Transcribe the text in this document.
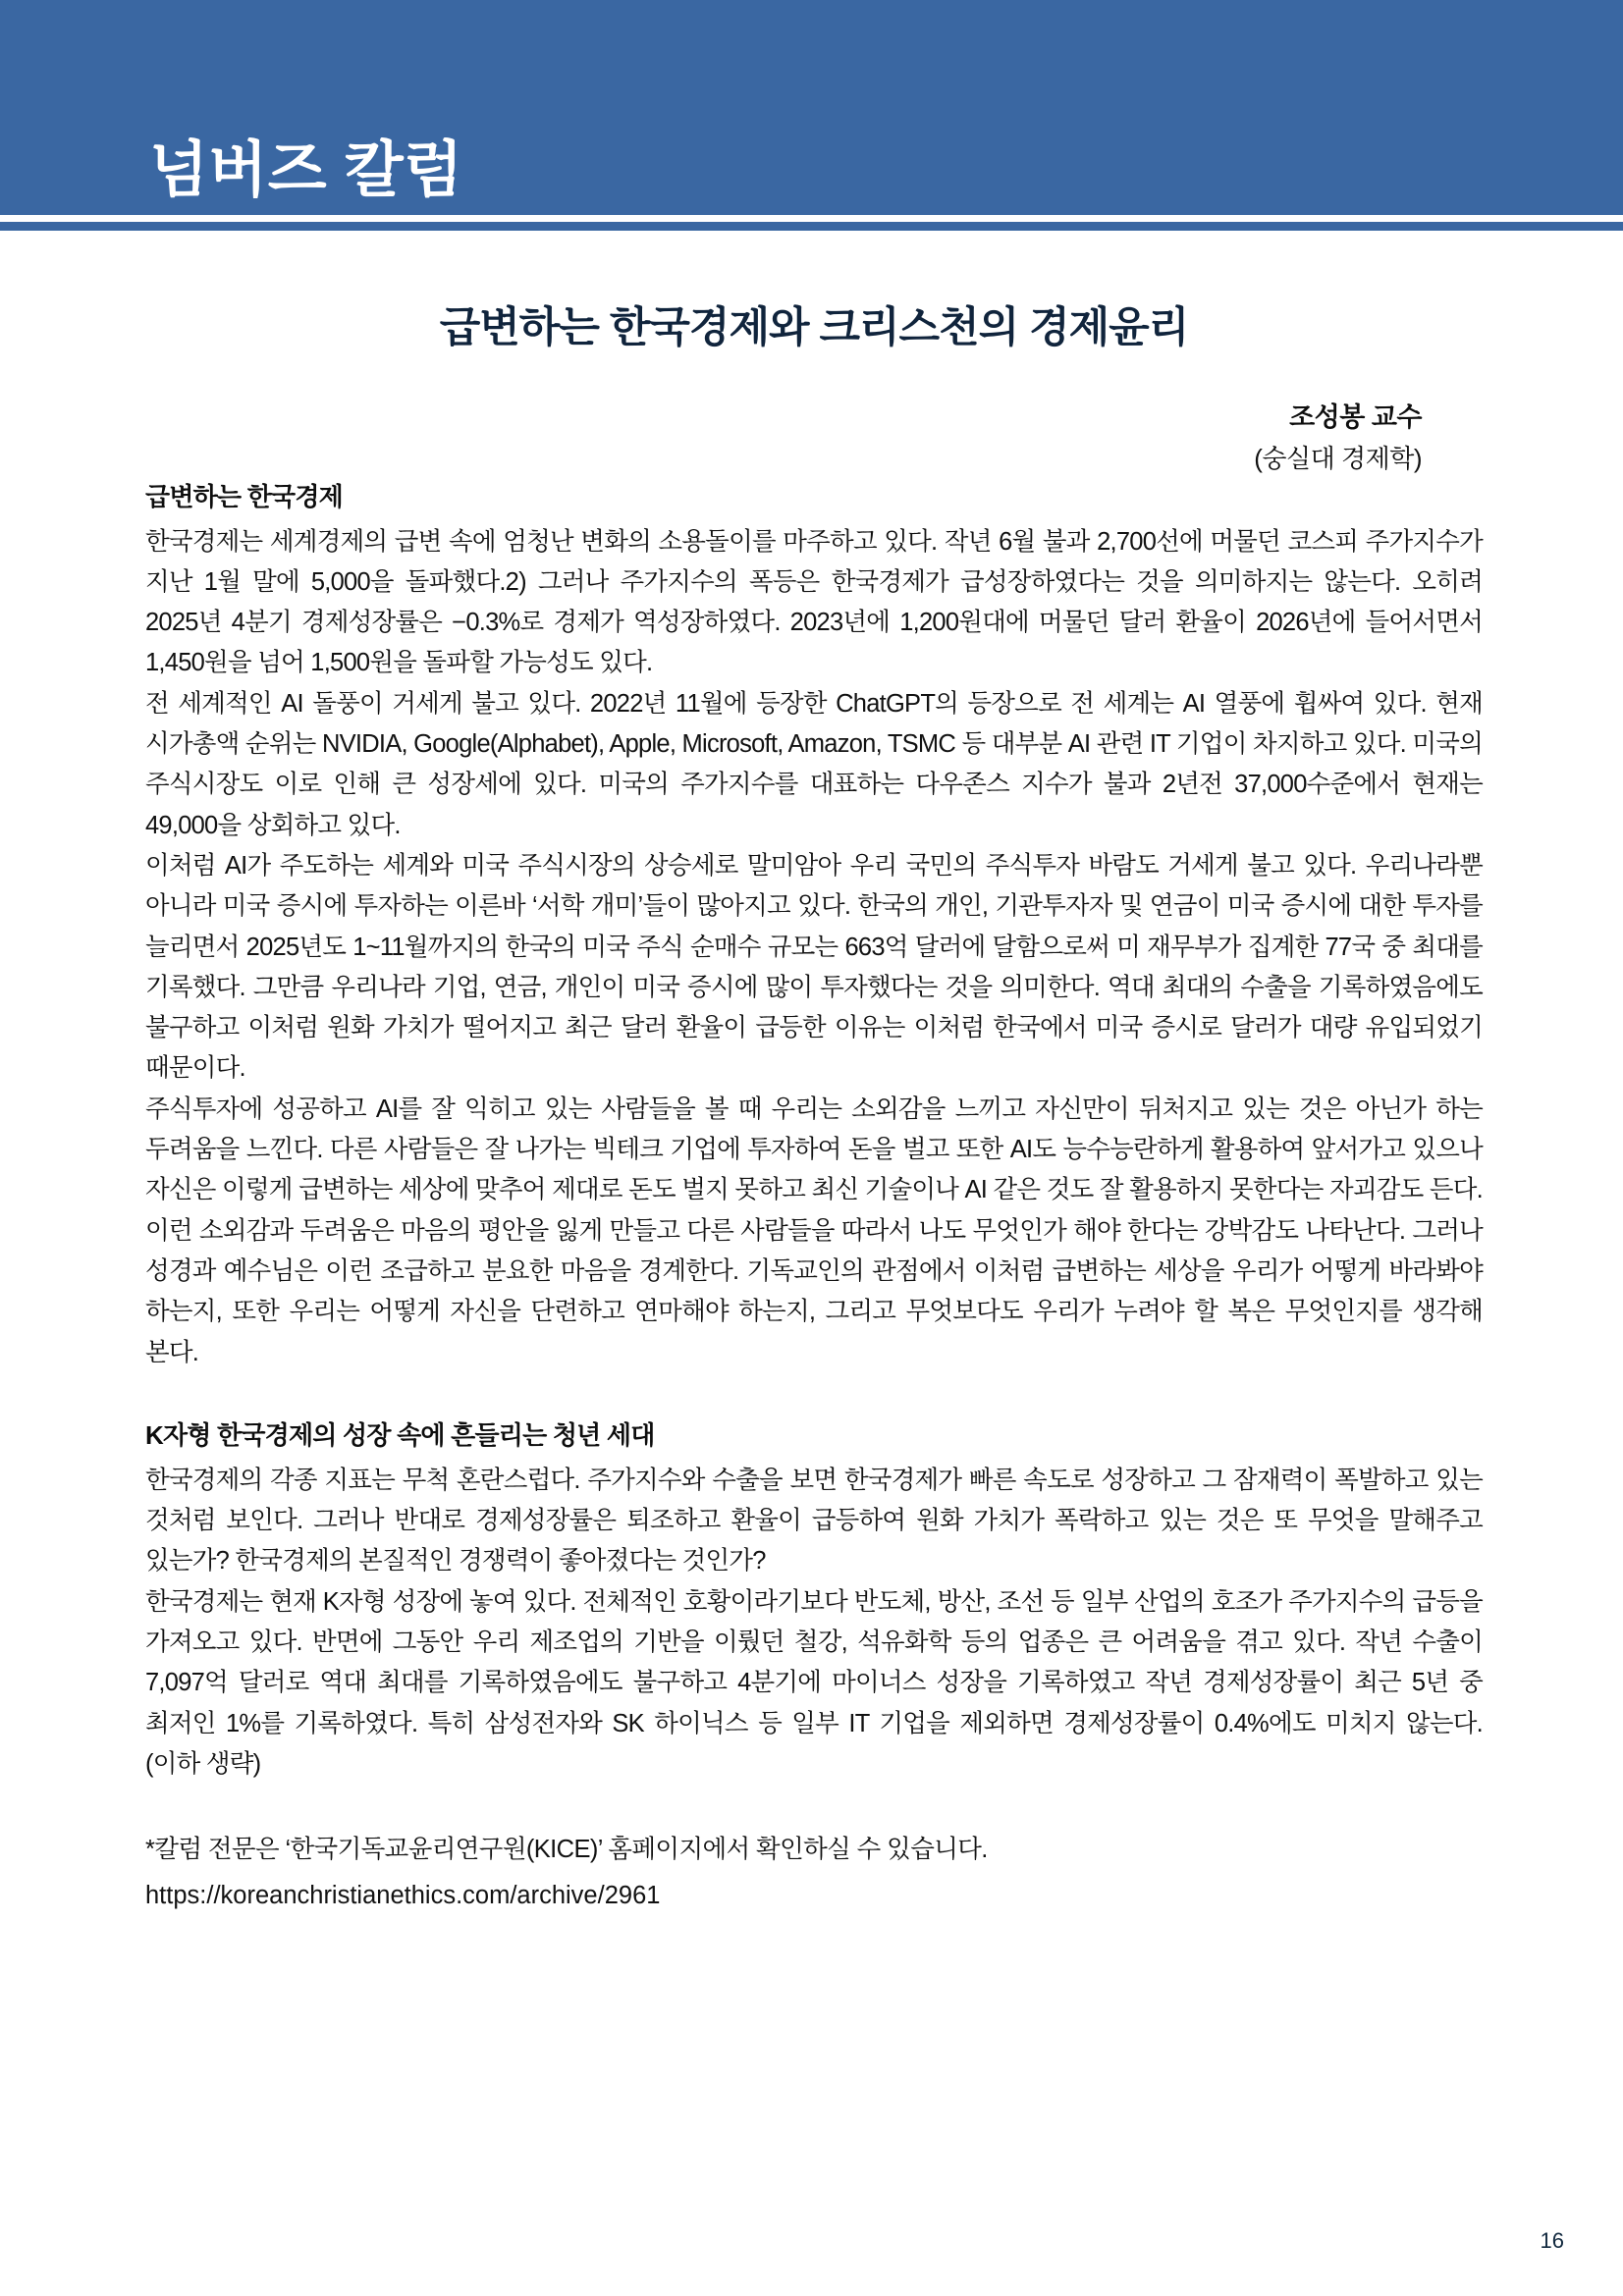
넘버즈 칼럼
급변하는 한국경제와 크리스천의 경제윤리
조성봉 교수
(숭실대 경제학)
급변하는 한국경제

한국경제는 세계경제의 급변 속에 엄청난 변화의 소용돌이를 마주하고 있다. 작년 6월 불과 2,700선에 머물던 코스피 주가지수가 지난 1월 말에 5,000을 돌파했다.2) 그러나 주가지수의 폭등은 한국경제가 급성장하였다는 것을 의미하지는 않는다. 오히려 2025년 4분기 경제성장률은 −0.3%로 경제가 역성장하였다. 2023년에 1,200원대에 머물던 달러 환율이 2026년에 들어서면서 1,450원을 넘어 1,500원을 돌파할 가능성도 있다.

전 세계적인 AI 돌풍이 거세게 불고 있다. 2022년 11월에 등장한 ChatGPT의 등장으로 전 세계는 AI 열풍에 휩싸여 있다. 현재 시가총액 순위는 NVIDIA, Google(Alphabet), Apple, Microsoft, Amazon, TSMC 등 대부분 AI 관련 IT 기업이 차지하고 있다. 미국의 주식시장도 이로 인해 큰 성장세에 있다. 미국의 주가지수를 대표하는 다우존스 지수가 불과 2년전 37,000수준에서 현재는 49,000을 상회하고 있다.

이처럼 AI가 주도하는 세계와 미국 주식시장의 상승세로 말미암아 우리 국민의 주식투자 바람도 거세게 불고 있다. 우리나라뿐 아니라 미국 증시에 투자하는 이른바 ‘서학 개미’들이 많아지고 있다. 한국의 개인, 기관투자자 및 연금이 미국 증시에 대한 투자를 늘리면서 2025년도 1~11월까지의 한국의 미국 주식 순매수 규모는 663억 달러에 달함으로써 미 재무부가 집계한 77국 중 최대를 기록했다. 그만큼 우리나라 기업, 연금, 개인이 미국 증시에 많이 투자했다는 것을 의미한다. 역대 최대의 수출을 기록하였음에도 불구하고 이처럼 원화 가치가 떨어지고 최근 달러 환율이 급등한 이유는 이처럼 한국에서 미국 증시로 달러가 대량 유입되었기 때문이다.

주식투자에 성공하고 AI를 잘 익히고 있는 사람들을 볼 때 우리는 소외감을 느끼고 자신만이 뒤처지고 있는 것은 아닌가 하는 두려움을 느낀다. 다른 사람들은 잘 나가는 빅테크 기업에 투자하여 돈을 벌고 또한 AI도 능수능란하게 활용하여 앞서가고 있으나 자신은 이렇게 급변하는 세상에 맞추어 제대로 돈도 벌지 못하고 최신 기술이나 AI 같은 것도 잘 활용하지 못한다는 자괴감도 든다. 이런 소외감과 두려움은 마음의 평안을 잃게 만들고 다른 사람들을 따라서 나도 무엇인가 해야 한다는 강박감도 나타난다. 그러나 성경과 예수님은 이런 조급하고 분요한 마음을 경계한다. 기독교인의 관점에서 이처럼 급변하는 세상을 우리가 어떻게 바라봐야 하는지, 또한 우리는 어떻게 자신을 단련하고 연마해야 하는지, 그리고 무엇보다도 우리가 누려야 할 복은 무엇인지를 생각해 본다.

K자형 한국경제의 성장 속에 흔들리는 청년 세대

한국경제의 각종 지표는 무척 혼란스럽다. 주가지수와 수출을 보면 한국경제가 빠른 속도로 성장하고 그 잠재력이 폭발하고 있는 것처럼 보인다. 그러나 반대로 경제성장률은 퇴조하고 환율이 급등하여 원화 가치가 폭락하고 있는 것은 또 무엇을 말해주고 있는가? 한국경제의 본질적인 경쟁력이 좋아졌다는 것인가?

한국경제는 현재 K자형 성장에 놓여 있다. 전체적인 호황이라기보다 반도체, 방산, 조선 등 일부 산업의 호조가 주가지수의 급등을 가져오고 있다. 반면에 그동안 우리 제조업의 기반을 이뤘던 철강, 석유화학 등의 업종은 큰 어려움을 겪고 있다. 작년 수출이 7,097억 달러로 역대 최대를 기록하였음에도 불구하고 4분기에 마이너스 성장을 기록하였고 작년 경제성장률이 최근 5년 중 최저인 1%를 기록하였다. 특히 삼성전자와 SK 하이닉스 등 일부 IT 기업을 제외하면 경제성장률이 0.4%에도 미치지 않는다. (이하 생략)

*칼럼 전문은 ‘한국기독교윤리연구원(KICE)’ 홈페이지에서 확인하실 수 있습니다.

https://koreanchristianethics.com/archive/2961

16
